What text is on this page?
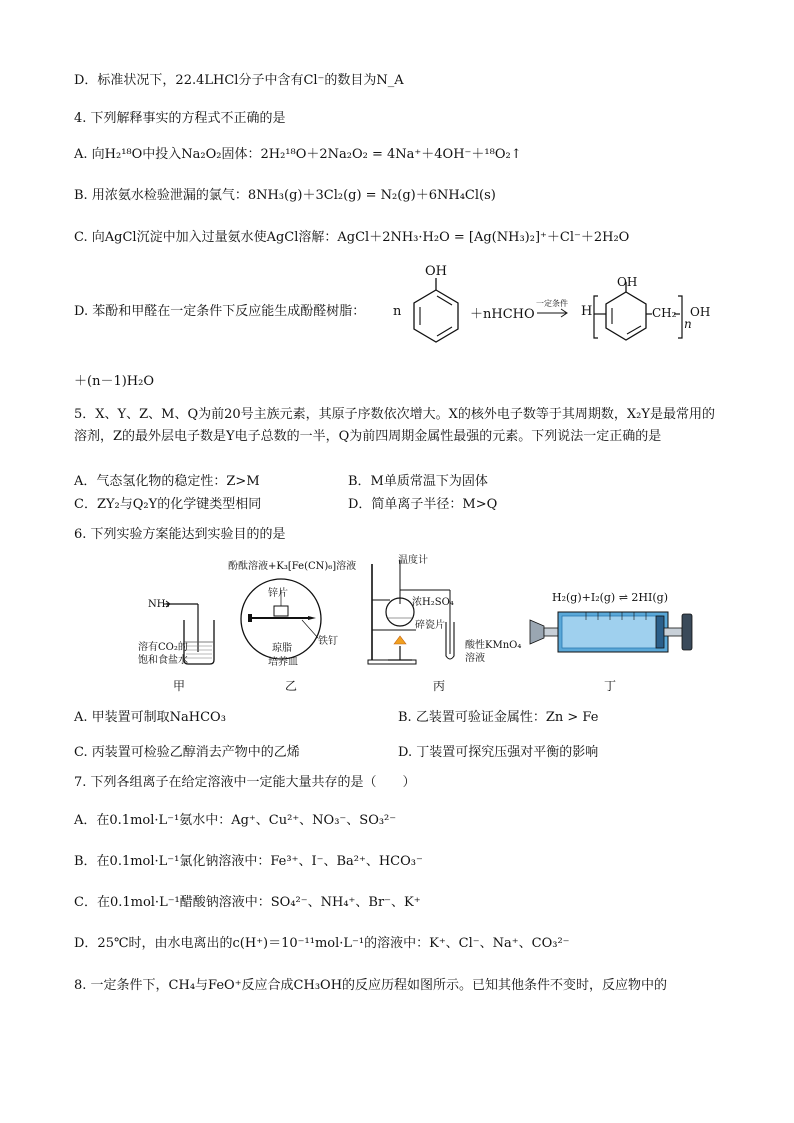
D．标准状况下，22.4LHCl分子中含有Cl⁻的数目为N_A
4. 下列解释事实的方程式不正确的是
A. 向H₂¹⁸O中投入Na₂O₂固体：2H₂¹⁸O＋2Na₂O₂ = 4Na⁺＋4OH⁻＋¹⁸O₂↑
B. 用浓氨水检验泄漏的氯气：8NH₃(g)＋3Cl₂(g) = N₂(g)＋6NH₄Cl(s)
C. 向AgCl沉淀中加入过量氨水使AgCl溶解：AgCl＋2NH₃·H₂O = [Ag(NH₃)₂]⁺＋Cl⁻＋2H₂O
D. 苯酚和甲醛在一定条件下反应能生成酚醛树脂： n
OH
＋nHCHO
一定条件
→ H
OH
CH₂
n
OH
＋(n－1)H₂O
5．X、Y、Z、M、Q为前20号主族元素，其原子序数依次增大。X的核外电子数等于其周期数，X₂Y是最常用的溶剂，Z的最外层电子数是Y电子总数的一半，Q为前四周期金属性最强的元素。下列说法一定正确的是
A．气态氢化物的稳定性：Z>M	B．M单质常温下为固体
C．ZY₂与Q₂Y的化学键类型相同	D．简单离子半径：M>Q
6. 下列实验方案能达到实验目的的是
NH₃
溶有CO₂的
饱和食盐水
酚酞溶液+K₃[Fe(CN)₆]溶液
锌片
铁钉
琼脂
培养皿
温度计
浓H₂SO₄
碎瓷片
酸性KMnO₄
溶液
H₂(g)+I₂(g) ⇌ 2HI(g)
甲	乙	丙	丁
A. 甲装置可制取NaHCO₃	B. 乙装置可验证金属性：Zn > Fe
C. 丙装置可检验乙醇消去产物中的乙烯	D. 丁装置可探究压强对平衡的影响
7. 下列各组离子在给定溶液中一定能大量共存的是（　　）
A．在0.1mol·L⁻¹氨水中：Ag⁺、Cu²⁺、NO₃⁻、SO₃²⁻
B．在0.1mol·L⁻¹氯化钠溶液中：Fe³⁺、I⁻、Ba²⁺、HCO₃⁻
C．在0.1mol·L⁻¹醋酸钠溶液中：SO₄²⁻、NH₄⁺、Br⁻、K⁺
D．25℃时，由水电离出的c(H⁺)＝10⁻¹¹mol·L⁻¹的溶液中：K⁺、Cl⁻、Na⁺、CO₃²⁻
8. 一定条件下，CH₄与FeO⁺反应合成CH₃OH的反应历程如图所示。已知其他条件不变时，反应物中的
